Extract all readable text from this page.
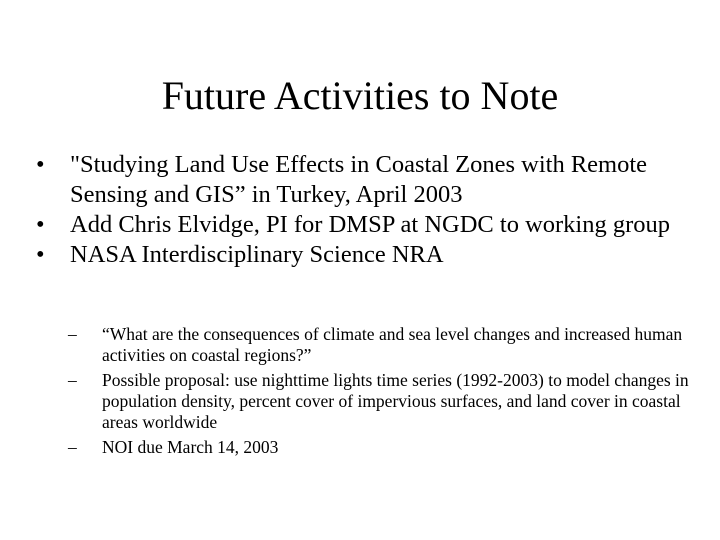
Future Activities to Note
•	"Studying Land Use Effects in Coastal Zones with Remote Sensing and GIS” in Turkey, April 2003
•	Add Chris Elvidge, PI for DMSP at NGDC to working group
•	NASA Interdisciplinary Science NRA
–	“What are the consequences of climate and sea level changes and increased human activities on coastal regions?”
–	Possible proposal: use nighttime lights time series (1992-2003) to model changes in population density, percent cover of impervious surfaces, and land cover in coastal areas worldwide
–	NOI due March 14, 2003
